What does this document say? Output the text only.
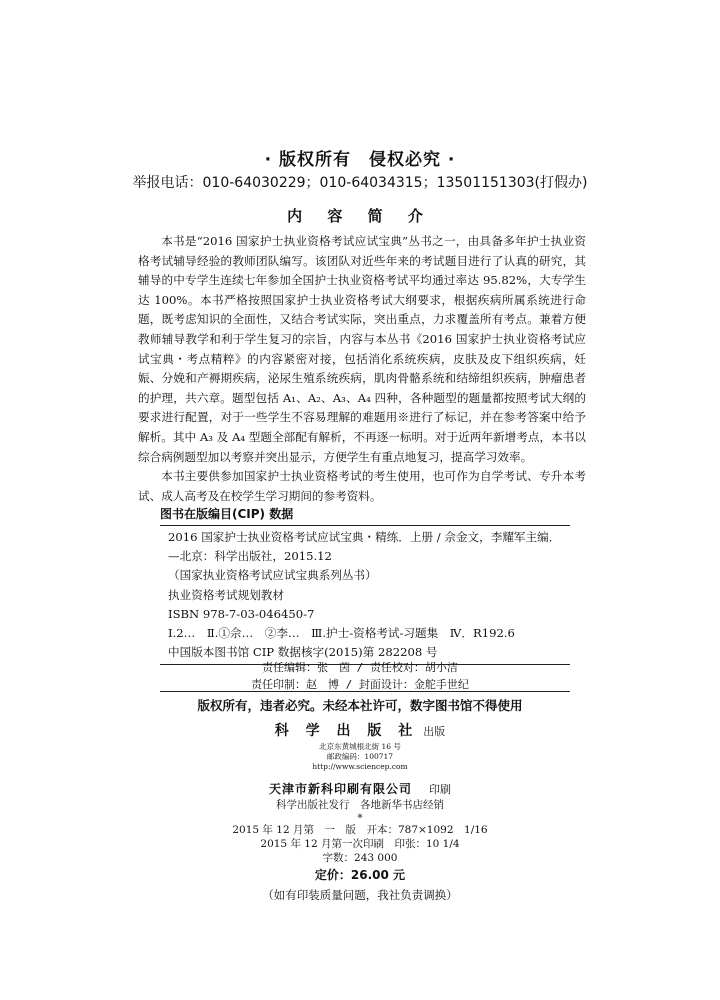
· 版权所有　侵权必究 ·
举报电话：010-64030229；010-64034315；13501151303(打假办)
内 容 简 介

本书是“2016 国家护士执业资格考试应试宝典”丛书之一，由具备多年护士执业资格考试辅导经验的教师团队编写。该团队对近些年来的考试题目进行了认真的研究，其辅导的中专学生连续七年参加全国护士执业资格考试平均通过率达 95.82%，大专学生达 100%。本书严格按照国家护士执业资格考试大纲要求，根据疾病所属系统进行命题，既考虑知识的全面性，又结合考试实际，突出重点，力求覆盖所有考点。兼着方便教师辅导教学和利于学生复习的宗旨，内容与本丛书《2016 国家护士执业资格考试应试宝典・考点精粹》的内容紧密对接，包括消化系统疾病，皮肤及皮下组织疾病，妊娠、分娩和产褥期疾病，泌尿生殖系统疾病，肌肉骨骼系统和结缔组织疾病，肿瘤患者的护理，共六章。题型包括 A₁、A₂、A₃、A₄ 四种，各种题型的题量都按照考试大纲的要求进行配置，对于一些学生不容易理解的难题用※进行了标记，并在参考答案中给予解析。其中 A₃ 及 A₄ 型题全部配有解析，不再逐一标明。对于近两年新增考点，本书以综合病例题型加以考察并突出显示，方便学生有重点地复习，提高学习效率。

本书主要供参加国家护士执业资格考试的考生使用，也可作为自学考试、专升本考试、成人高考及在校学生学习期间的参考资料。

图书在版编目(CIP) 数据
2016 国家护士执业资格考试应试宝典・精练．上册 / 佘金文，李耀军主编．
—北京：科学出版社，2015.12
（国家执业资格考试应试宝典系列丛书）
执业资格考试规划教材
ISBN 978-7-03-046450-7
Ⅰ.2…　Ⅱ.①佘…　②李…　Ⅲ.护士-资格考试-习题集　Ⅳ．R192.6
中国版本图书馆 CIP 数据核字(2015)第 282208 号
责任编辑：张　茵 / 责任校对：胡小洁
责任印制：赵　博 / 封面设计：金舵手世纪
版权所有，违者必究。未经本社许可，数字图书馆不得使用
科 学 出 版 社 出版
北京东黄城根北街 16 号
邮政编码：100717
http://www.sciencep.com
天津市新科印刷有限公司 印刷
科学出版社发行　各地新华书店经销
*
2015 年 12 月第　一　版　开本：787×1092　1/16
2015 年 12 月第一次印刷　印张：10 1/4
字数：243 000
定价：26.00 元
（如有印装质量问题，我社负责调换）
